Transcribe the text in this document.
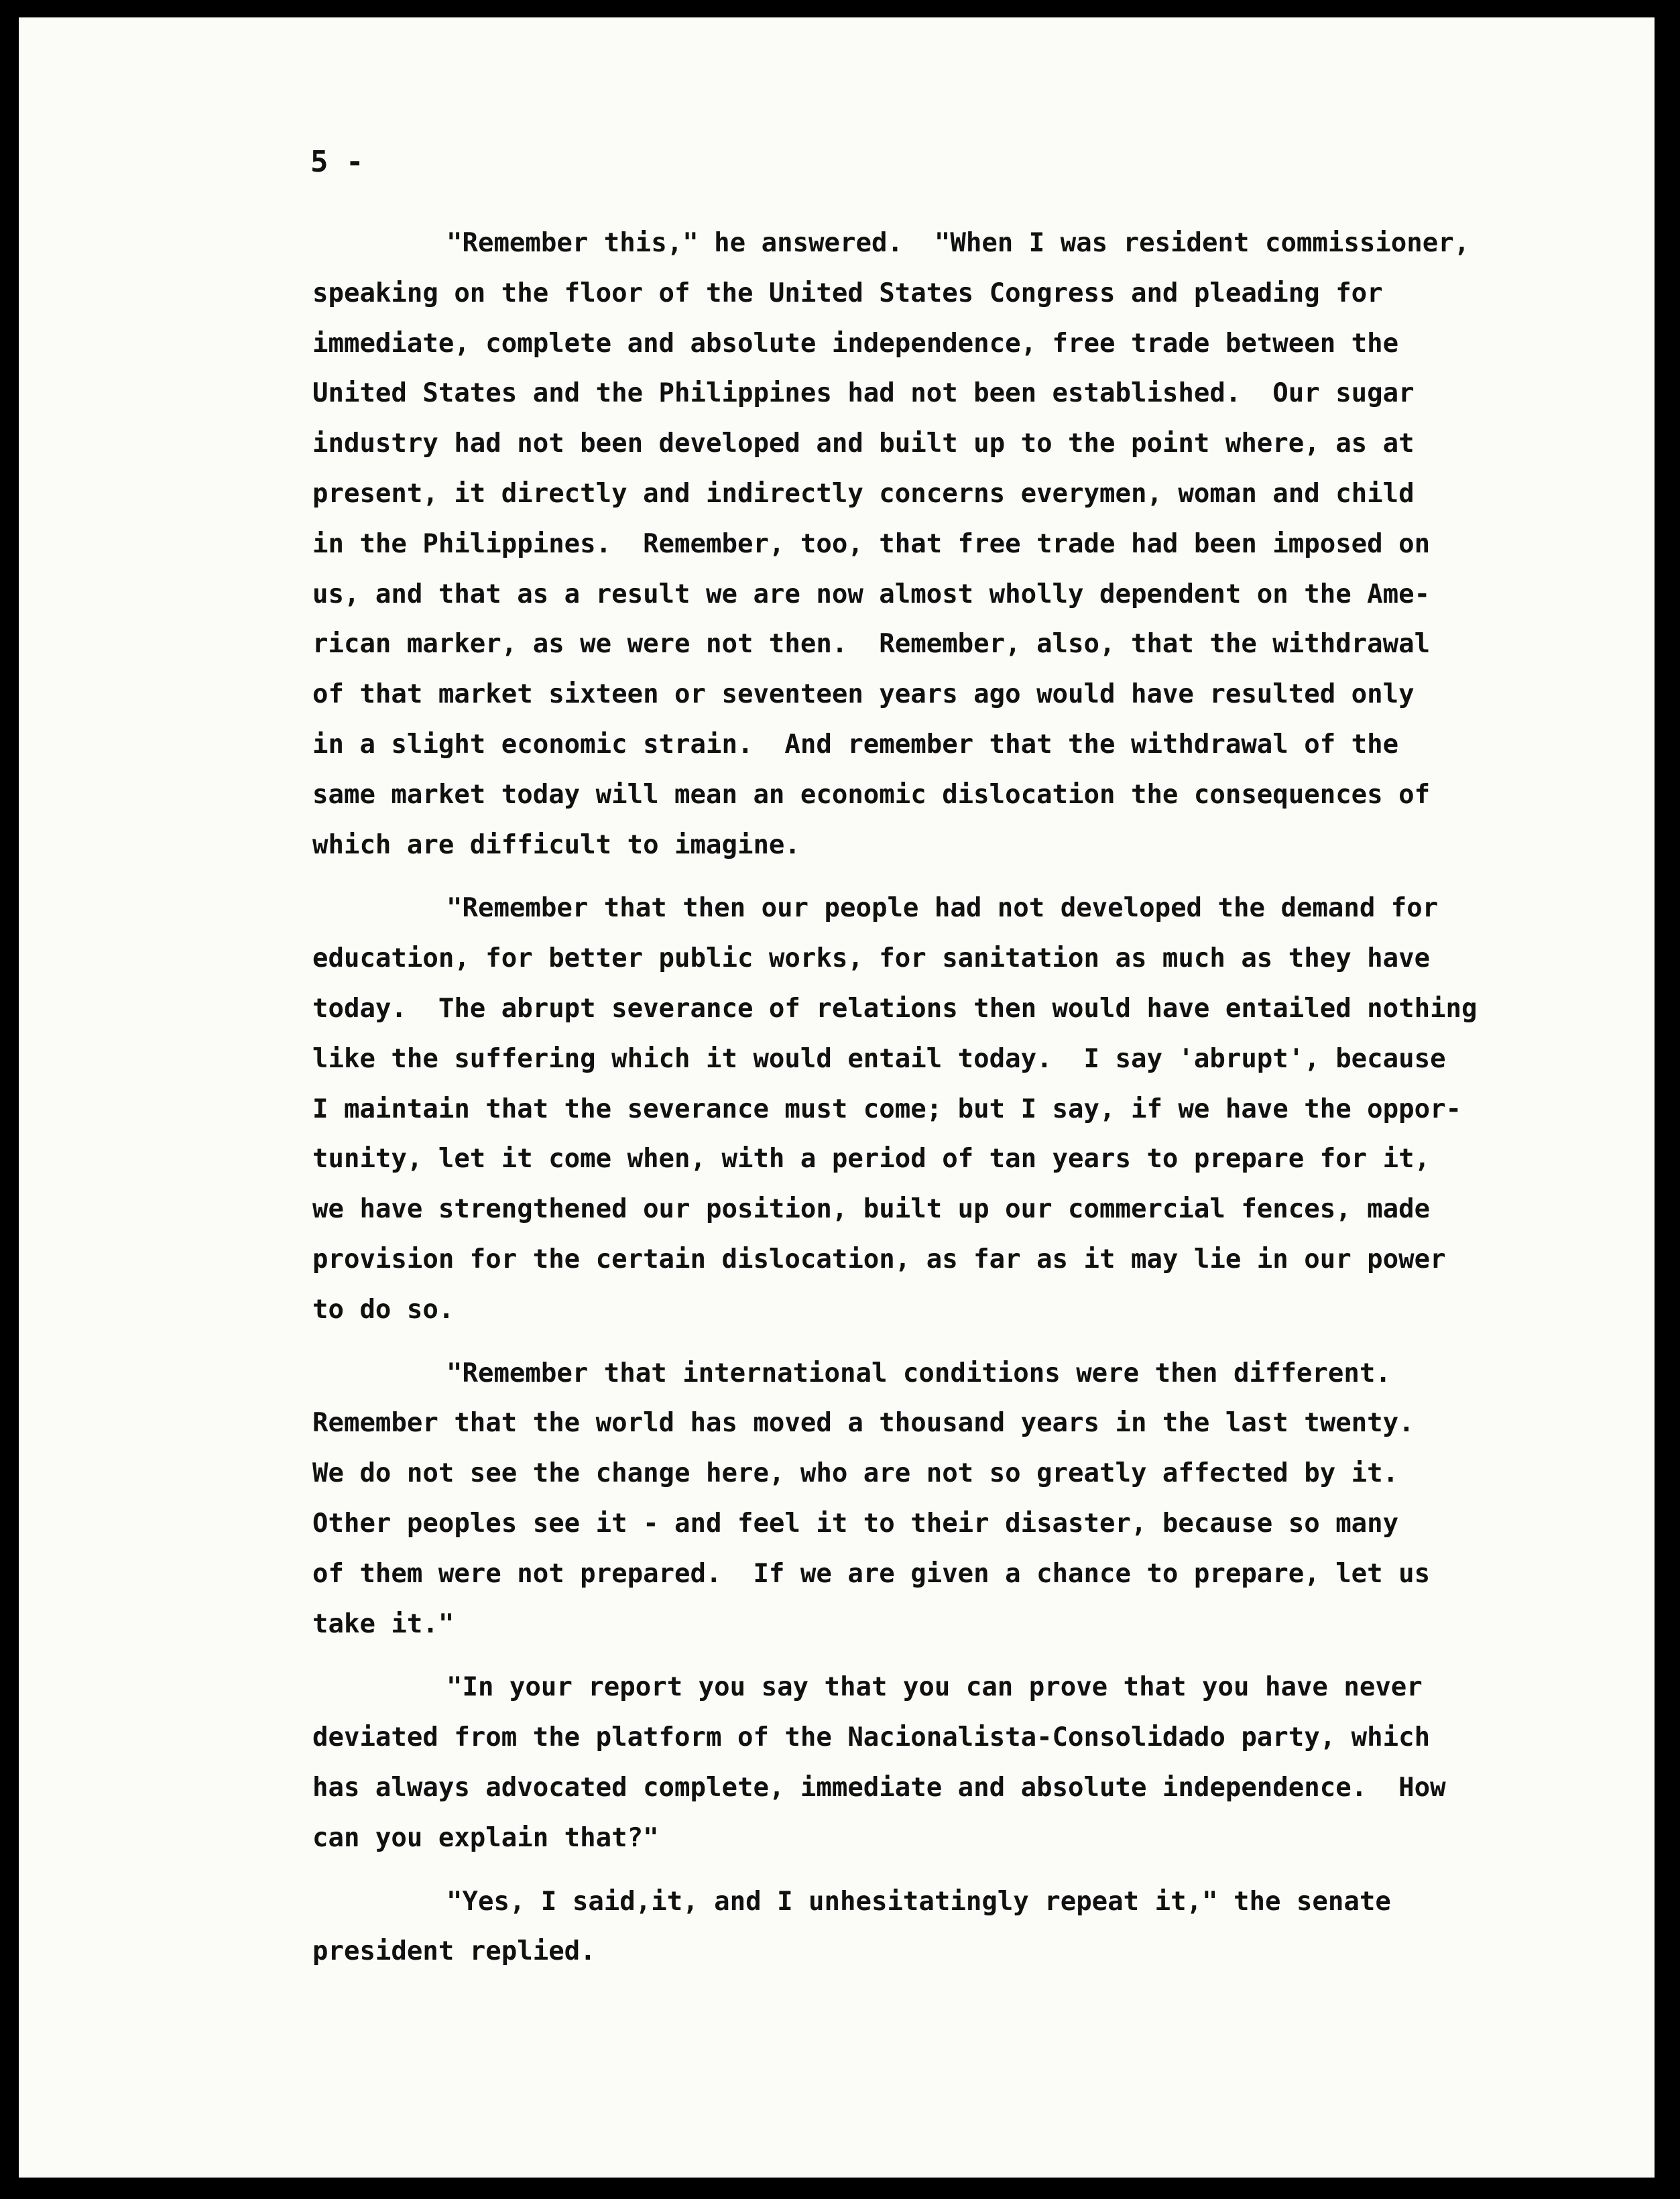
5 -

"Remember this," he answered.  "When I was resident commissioner,
speaking on the floor of the United States Congress and pleading for
immediate, complete and absolute independence, free trade between the
United States and the Philippines had not been established.  Our sugar
industry had not been developed and built up to the point where, as at
present, it directly and indirectly concerns everymen, woman and child
in the Philippines.  Remember, too, that free trade had been imposed on
us, and that as a result we are now almost wholly dependent on the Ame-
rican marker, as we were not then.  Remember, also, that the withdrawal
of that market sixteen or seventeen years ago would have resulted only
in a slight economic strain.  And remember that the withdrawal of the
same market today will mean an economic dislocation the consequences of
which are difficult to imagine.

"Remember that then our people had not developed the demand for
education, for better public works, for sanitation as much as they have
today.  The abrupt severance of relations then would have entailed nothing
like the suffering which it would entail today.  I say 'abrupt', because
I maintain that the severance must come; but I say, if we have the oppor-
tunity, let it come when, with a period of tan years to prepare for it,
we have strengthened our position, built up our commercial fences, made
provision for the certain dislocation, as far as it may lie in our power
to do so.

"Remember that international conditions were then different.
Remember that the world has moved a thousand years in the last twenty.
We do not see the change here, who are not so greatly affected by it.
Other peoples see it - and feel it to their disaster, because so many
of them were not prepared.  If we are given a chance to prepare, let us
take it."

"In your report you say that you can prove that you have never
deviated from the platform of the Nacionalista-Consolidado party, which
has always advocated complete, immediate and absolute independence.  How
can you explain that?"

"Yes, I said,it, and I unhesitatingly repeat it," the senate
president replied.
